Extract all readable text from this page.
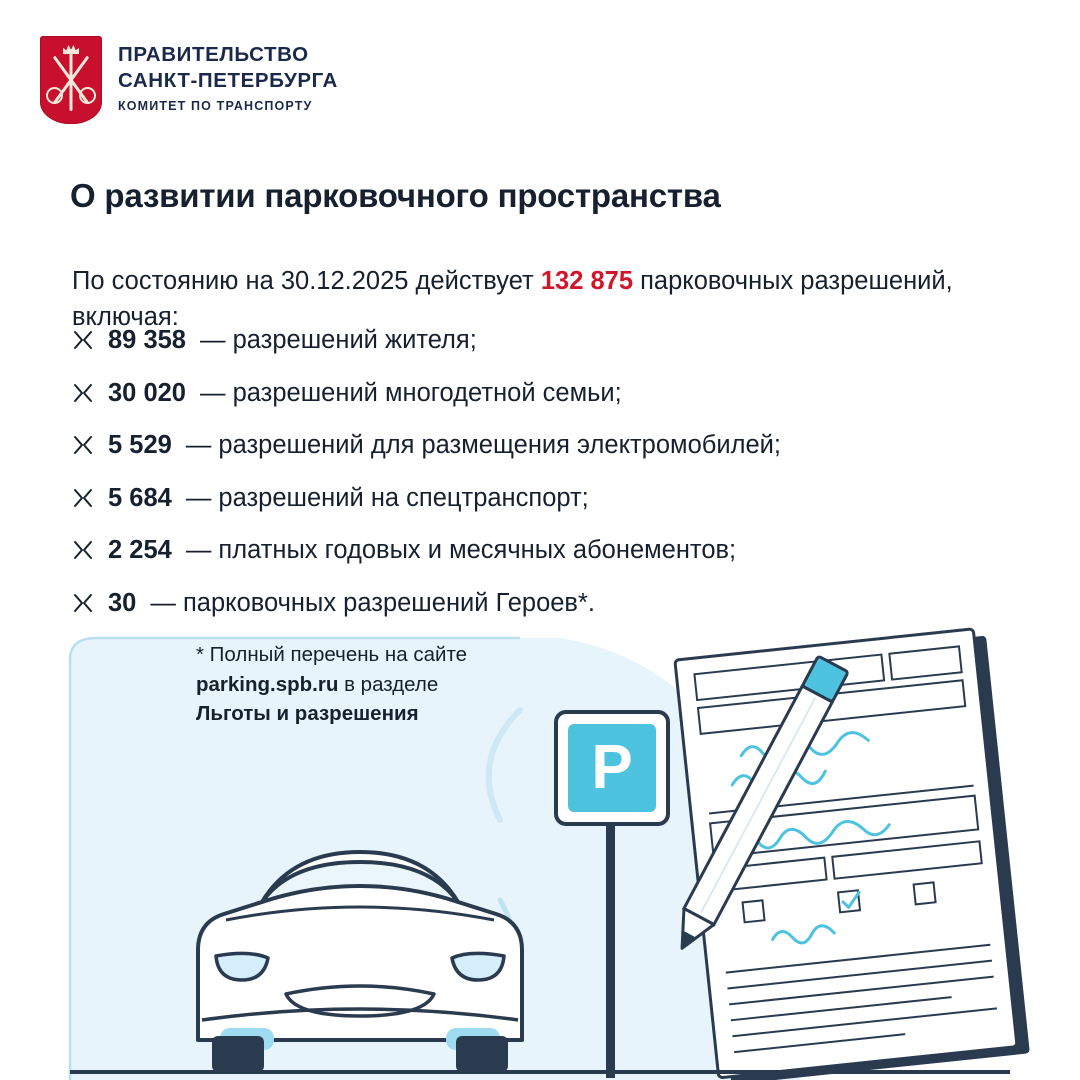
ПРАВИТЕЛЬСТВО
САНКТ-ПЕТЕРБУРГА
КОМИТЕТ ПО ТРАНСПОРТУ
О развитии парковочного пространства

По состоянию на 30.12.2025 действует 132 875 парковочных разрешений, включая:

89 358 — разрешений жителя;
30 020 — разрешений многодетной семьи;
5 529 — разрешений для размещения электромобилей;
5 684 — разрешений на спецтранспорт;
2 254 — платных годовых и месячных абонементов;
30 — парковочных разрешений Героев*.
* Полный перечень на сайте
parking.spb.ru в разделе
Льготы и разрешения
P
